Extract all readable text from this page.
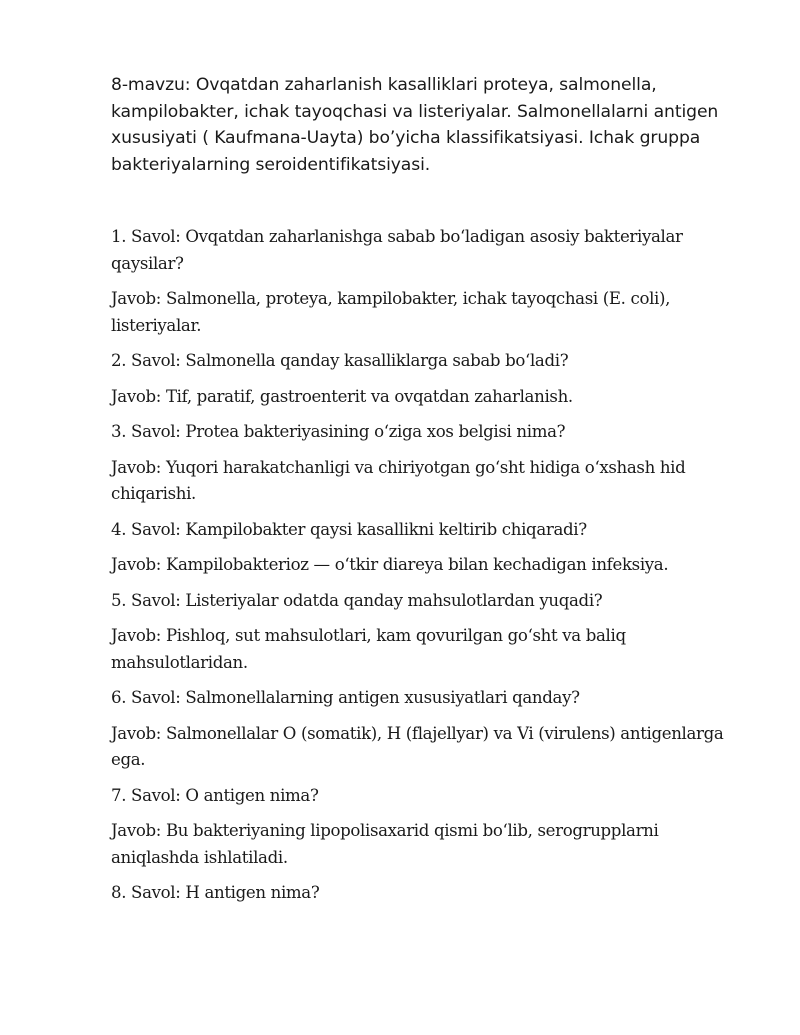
8-mavzu: Ovqatdan zaharlanish kasalliklari proteya, salmonella, kampilobakter, ichak tayoqchasi va listeriyalar. Salmonellalarni antigen xususiyati ( Kaufmana-Uayta) bo’yicha klassifikatsiyasi. Ichak gruppa bakteriyalarning seroidentifikatsiyasi.

1. Savol: Ovqatdan zaharlanishga sabab boʻladigan asosiy bakteriyalar qaysilar?

Javob: Salmonella, proteya, kampilobakter, ichak tayoqchasi (E. coli), listeriyalar.

2. Savol: Salmonella qanday kasalliklarga sabab boʻladi?

Javob: Tif, paratif, gastroenterit va ovqatdan zaharlanish.

3. Savol: Protea bakteriyasining oʻziga xos belgisi nima?

Javob: Yuqori harakatchanligi va chiriyotgan goʻsht hidiga oʻxshash hid chiqarishi.

4. Savol: Kampilobakter qaysi kasallikni keltirib chiqaradi?

Javob: Kampilobakterioz — oʻtkir diareya bilan kechadigan infeksiya.

5. Savol: Listeriyalar odatda qanday mahsulotlardan yuqadi?

Javob: Pishloq, sut mahsulotlari, kam qovurilgan goʻsht va baliq mahsulotlaridan.

6. Savol: Salmonellalarning antigen xususiyatlari qanday?

Javob: Salmonellalar O (somatik), H (flajellyar) va Vi (virulens) antigenlarga ega.

7. Savol: O antigen nima?

Javob: Bu bakteriyaning lipopolisaxarid qismi boʻlib, serogrupplarni aniqlashda ishlatiladi.

8. Savol: H antigen nima?
